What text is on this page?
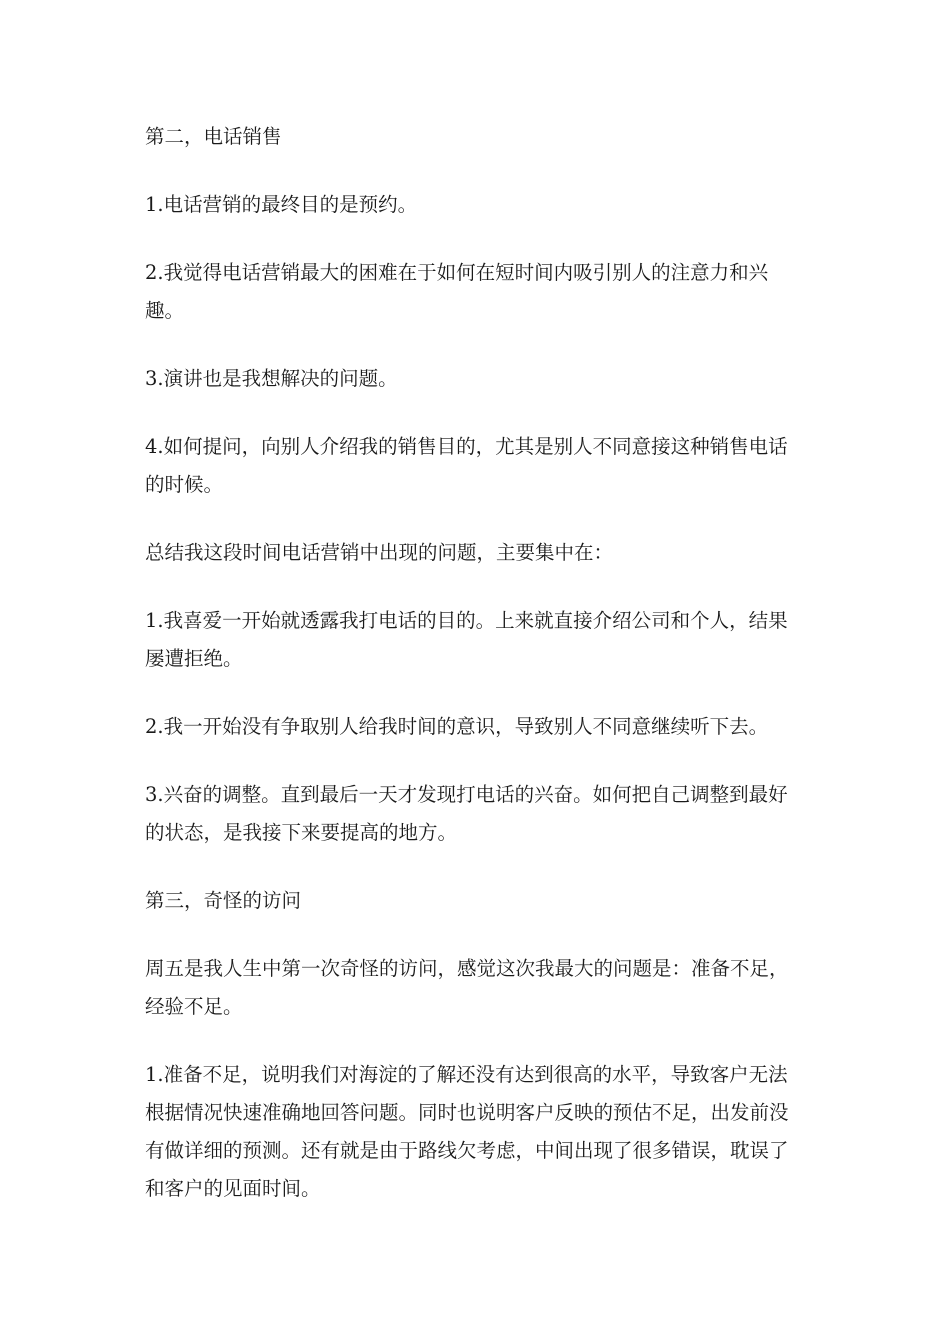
第二，电话销售

1.电话营销的最终目的是预约。

2.我觉得电话营销最大的困难在于如何在短时间内吸引别人的注意力和兴趣。

3.演讲也是我想解决的问题。

4.如何提问，向别人介绍我的销售目的，尤其是别人不同意接这种销售电话的时候。

总结我这段时间电话营销中出现的问题，主要集中在：

1.我喜爱一开始就透露我打电话的目的。上来就直接介绍公司和个人，结果屡遭拒绝。

2.我一开始没有争取别人给我时间的意识，导致别人不同意继续听下去。

3.兴奋的调整。直到最后一天才发现打电话的兴奋。如何把自己调整到最好的状态，是我接下来要提高的地方。

第三，奇怪的访问

周五是我人生中第一次奇怪的访问，感觉这次我最大的问题是：准备不足，经验不足。

1.准备不足，说明我们对海淀的了解还没有达到很高的水平，导致客户无法根据情况快速准确地回答问题。同时也说明客户反映的预估不足，出发前没有做详细的预测。还有就是由于路线欠考虑，中间出现了很多错误，耽误了和客户的见面时间。
